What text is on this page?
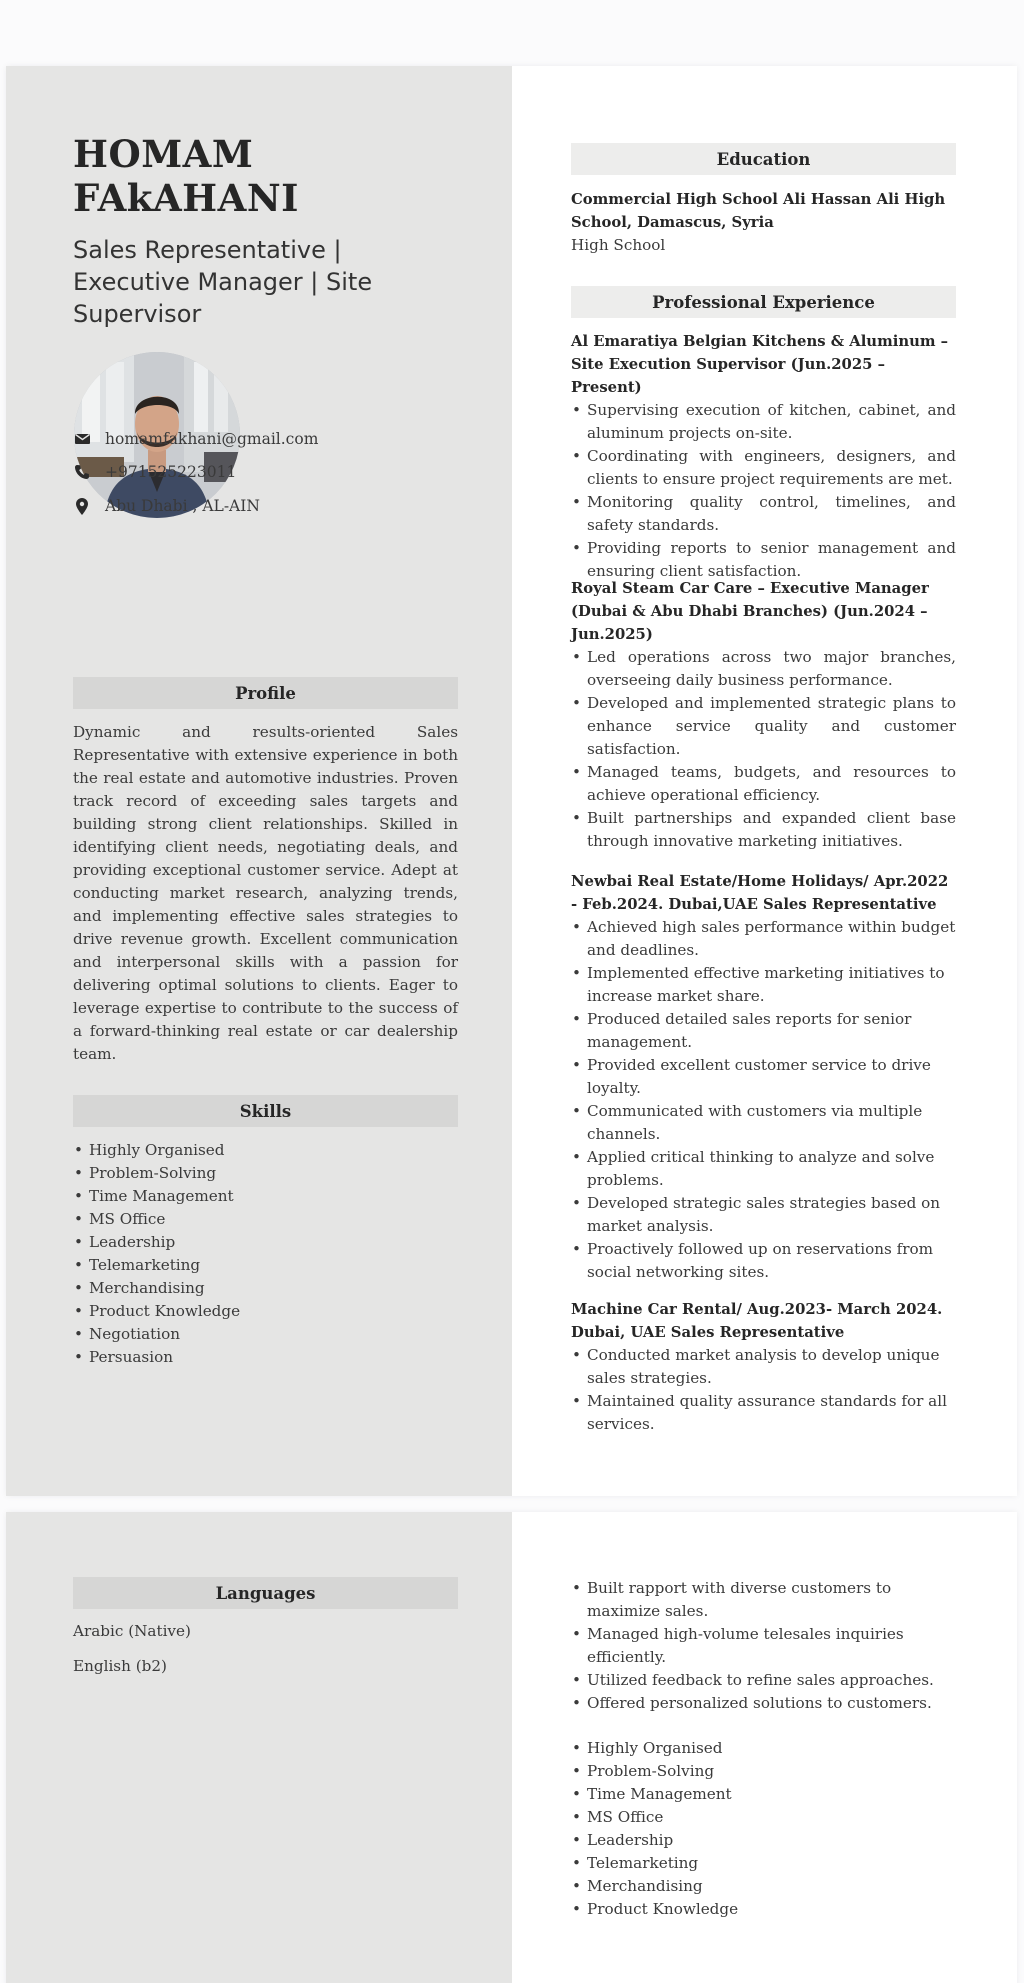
HOMAM
FAkAHANI
Sales Representative | Executive Manager | Site Supervisor
homamfakhani@gmail.com
+971525223011
Abu Dhabi , AL-AIN
Profile
Dynamic and results-oriented Sales Representative with extensive experience in both the real estate and automotive industries. Proven track record of exceeding sales targets and building strong client relationships. Skilled in identifying client needs, negotiating deals, and providing exceptional customer service. Adept at conducting market research, analyzing trends, and implementing effective sales strategies to drive revenue growth. Excellent communication and interpersonal skills with a passion for delivering optimal solutions to clients. Eager to leverage expertise to contribute to the success of a forward-thinking real estate or car dealership team.
Skills
• Highly Organised
• Problem-Solving
• Time Management
• MS Office
• Leadership
• Telemarketing
• Merchandising
• Product Knowledge
• Negotiation
• Persuasion
Education
Commercial High School Ali Hassan Ali High School, Damascus, Syria
High School
Professional Experience
Al Emaratiya Belgian Kitchens & Aluminum – Site Execution Supervisor (Jun.2025 – Present)
• Supervising execution of kitchen, cabinet, and aluminum projects on-site.
• Coordinating with engineers, designers, and clients to ensure project requirements are met.
• Monitoring quality control, timelines, and safety standards.
• Providing reports to senior management and ensuring client satisfaction.
Royal Steam Car Care – Executive Manager (Dubai & Abu Dhabi Branches) (Jun.2024 – Jun.2025)
• Led operations across two major branches, overseeing daily business performance.
• Developed and implemented strategic plans to enhance service quality and customer satisfaction.
• Managed teams, budgets, and resources to achieve operational efficiency.
• Built partnerships and expanded client base through innovative marketing initiatives.
Newbai Real Estate/Home Holidays/ Apr.2022 - Feb.2024. Dubai,UAE Sales Representative
• Achieved high sales performance within budget and deadlines.
• Implemented effective marketing initiatives to increase market share.
• Produced detailed sales reports for senior management.
• Provided excellent customer service to drive loyalty.
• Communicated with customers via multiple channels.
• Applied critical thinking to analyze and solve problems.
• Developed strategic sales strategies based on market analysis.
• Proactively followed up on reservations from social networking sites.
Machine Car Rental/ Aug.2023- March 2024. Dubai, UAE Sales Representative
• Conducted market analysis to develop unique sales strategies.
• Maintained quality assurance standards for all services.
Languages
Arabic (Native)
English (b2)
• Built rapport with diverse customers to maximize sales.
• Managed high-volume telesales inquiries efficiently.
• Utilized feedback to refine sales approaches.
• Offered personalized solutions to customers.
• Highly Organised
• Problem-Solving
• Time Management
• MS Office
• Leadership
• Telemarketing
• Merchandising
• Product Knowledge
